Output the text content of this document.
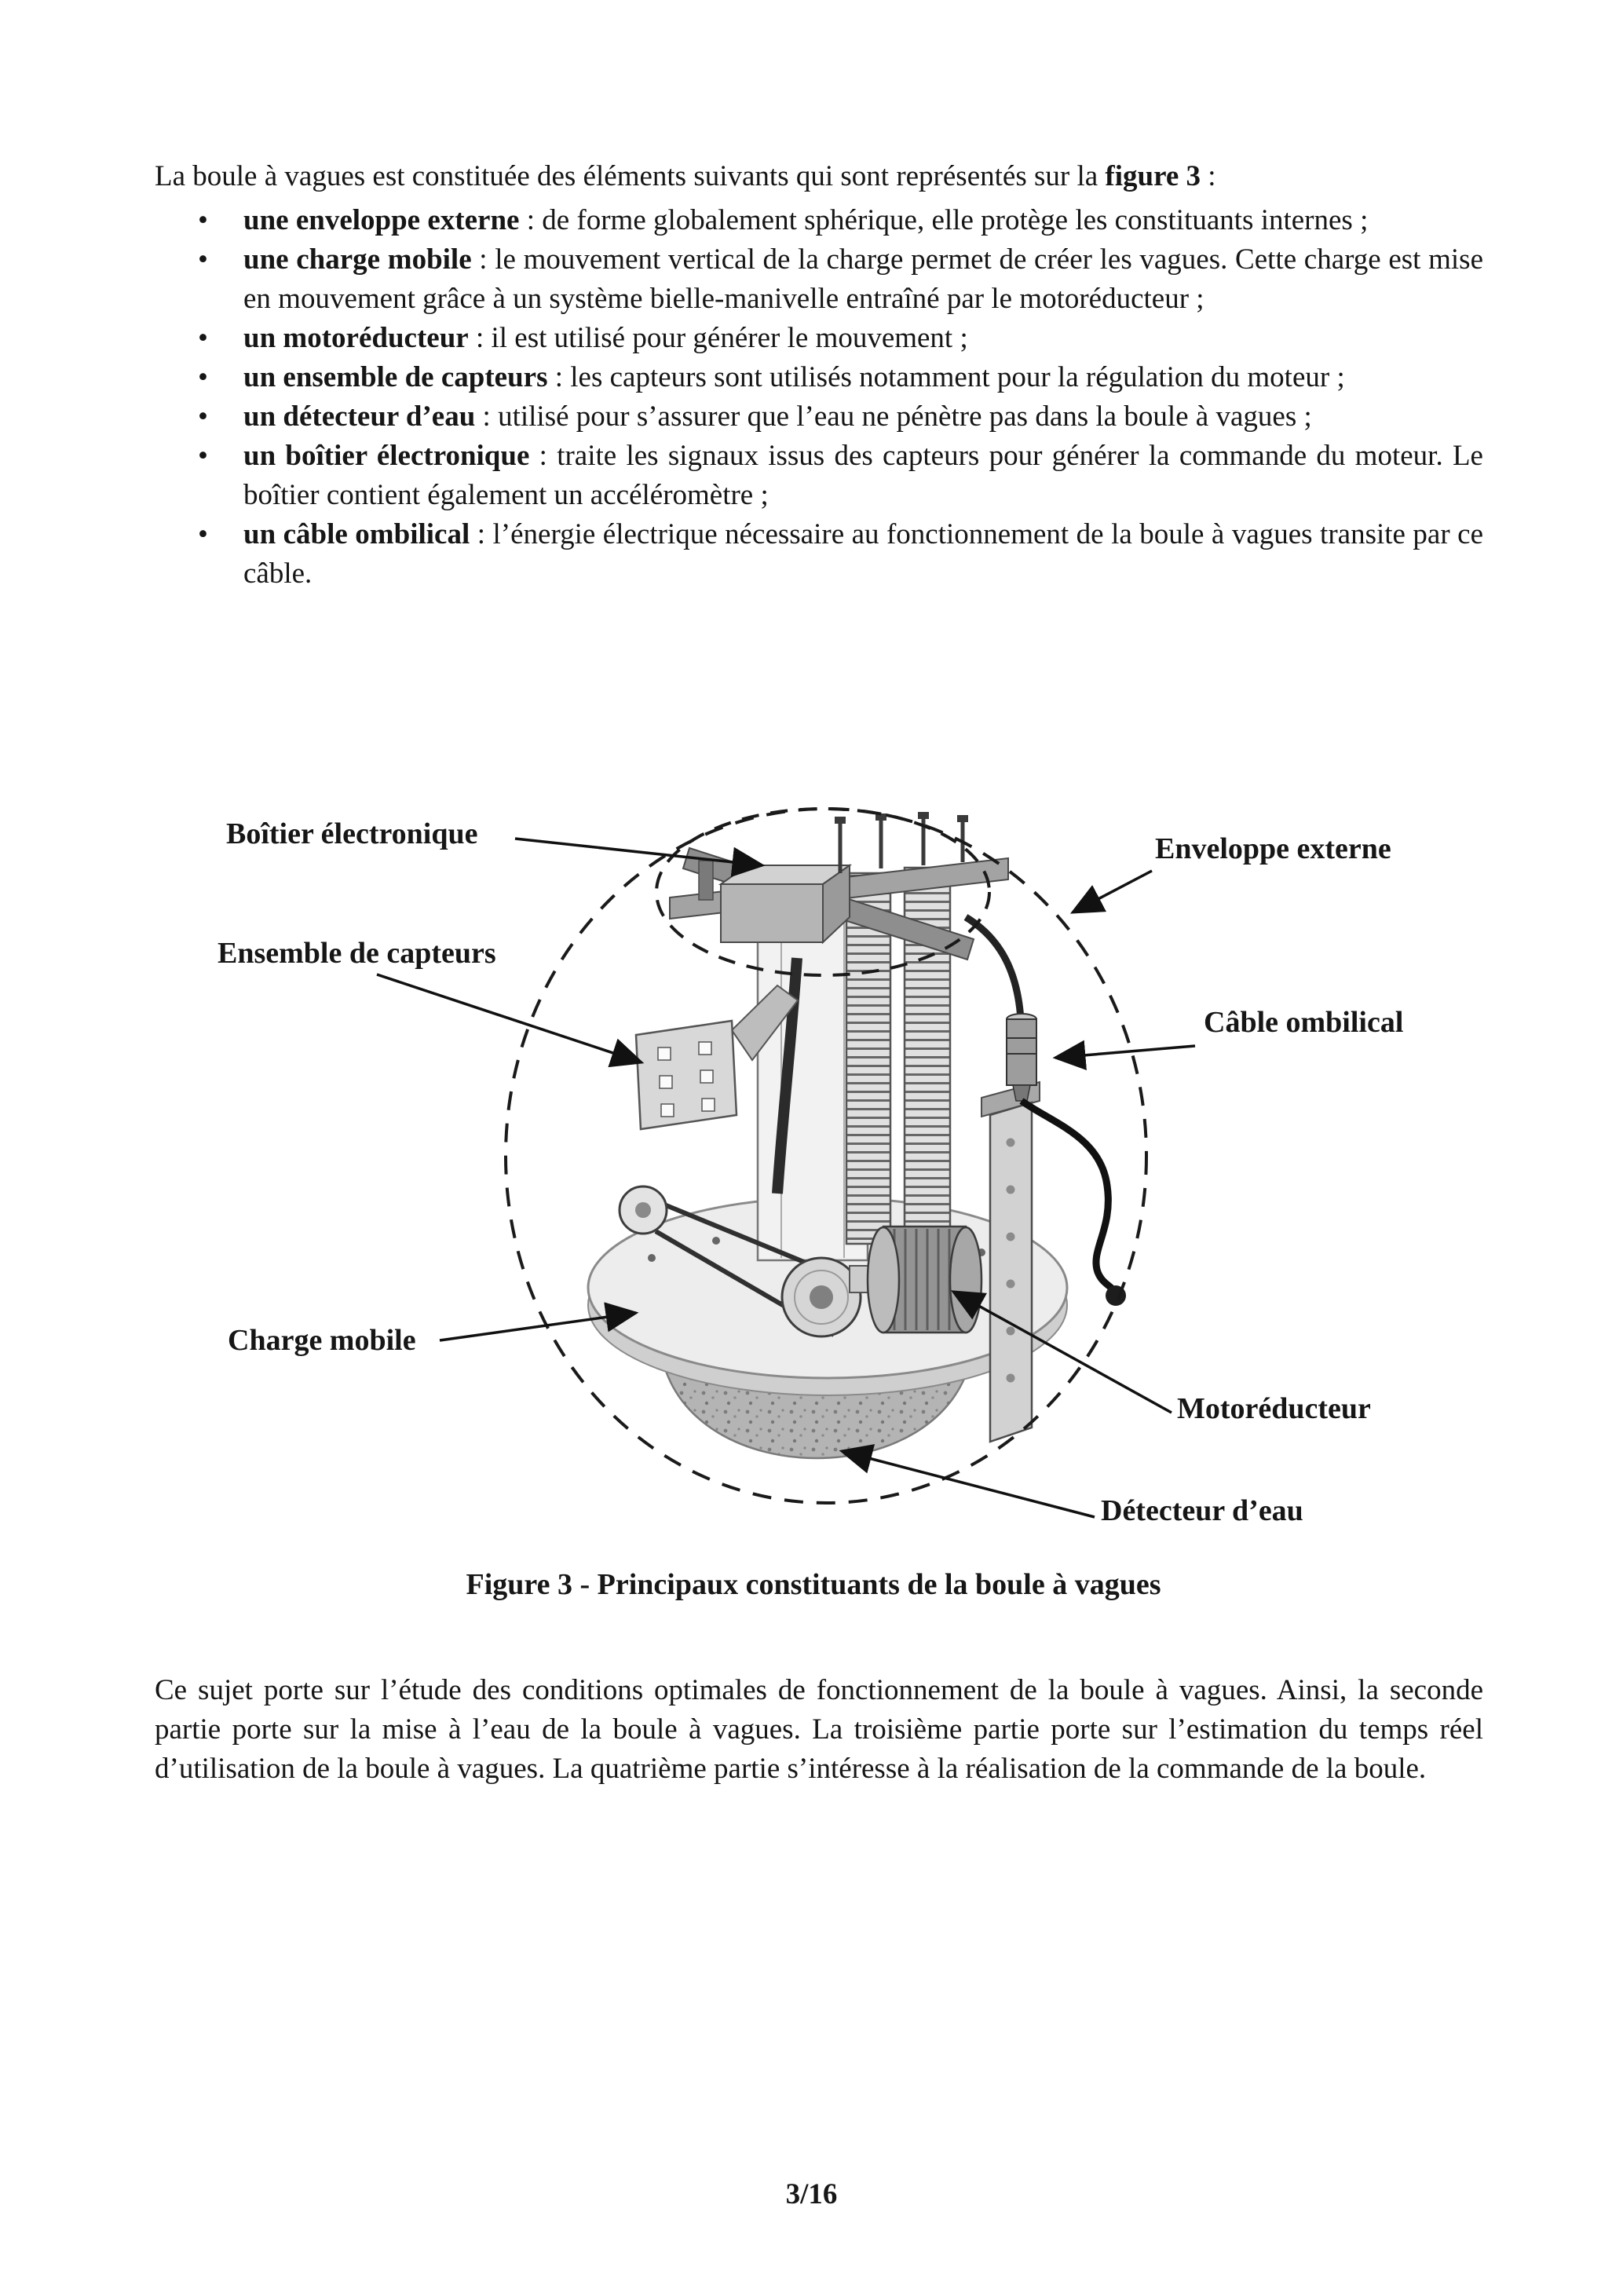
La boule à vagues est constituée des éléments suivants qui sont représentés sur la figure 3 :

• une enveloppe externe : de forme globalement sphérique, elle protège les constituants internes ;
• une charge mobile : le mouvement vertical de la charge permet de créer les vagues. Cette charge est mise en mouvement grâce à un système bielle-manivelle entraîné par le motoréducteur ;
• un motoréducteur : il est utilisé pour générer le mouvement ;
• un ensemble de capteurs : les capteurs sont utilisés notamment pour la régulation du moteur ;
• un détecteur d’eau : utilisé pour s’assurer que l’eau ne pénètre pas dans la boule à vagues ;
• un boîtier électronique : traite les signaux issus des capteurs pour générer la commande du moteur. Le boîtier contient également un accéléromètre ;
• un câble ombilical : l’énergie électrique nécessaire au fonctionnement de la boule à vagues transite par ce câble.
Boîtier électronique	Enveloppe externe
Ensemble de capteurs
Câble ombilical
Charge mobile
Motoréducteur
Détecteur d’eau

Figure 3 - Principaux constituants de la boule à vagues

Ce sujet porte sur l’étude des conditions optimales de fonctionnement de la boule à vagues. Ainsi, la seconde partie porte sur la mise à l’eau de la boule à vagues. La troisième partie porte sur l’estimation du temps réel d’utilisation de la boule à vagues. La quatrième partie s’intéresse à la réalisation de la commande de la boule.

3/16
